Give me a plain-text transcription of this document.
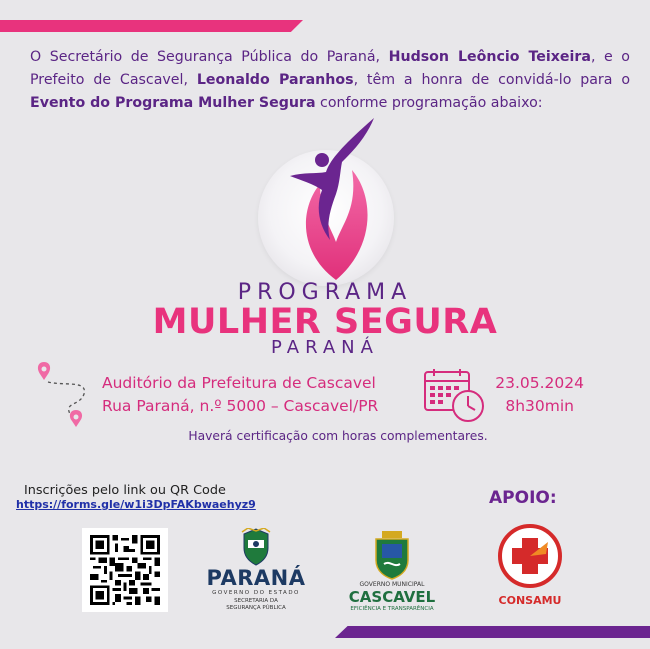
O Secretário de Segurança Pública do Paraná, Hudson Leôncio Teixeira, e o Prefeito de Cascavel, Leonaldo Paranhos, têm a honra de convidá-lo para o Evento do Programa Mulher Segura conforme programação abaixo:

PROGRAMA
MULHER SEGURA
PARANÁ
Auditório da Prefeitura de Cascavel
Rua Paraná, n.º 5000 – Cascavel/PR
23.05.2024
8h30min
Haverá certificação com horas complementares.
Inscrições pelo link ou QR Code
https://forms.gle/w1i3DpFAKbwaehyz9	APOIO:
PARANÁ
GOVERNO DO ESTADO
SECRETARIA DA
SEGURANÇA PÚBLICA
GOVERNO MUNICIPAL
CASCAVEL
EFICIÊNCIA E TRANSPARÊNCIA
CONSAMU
